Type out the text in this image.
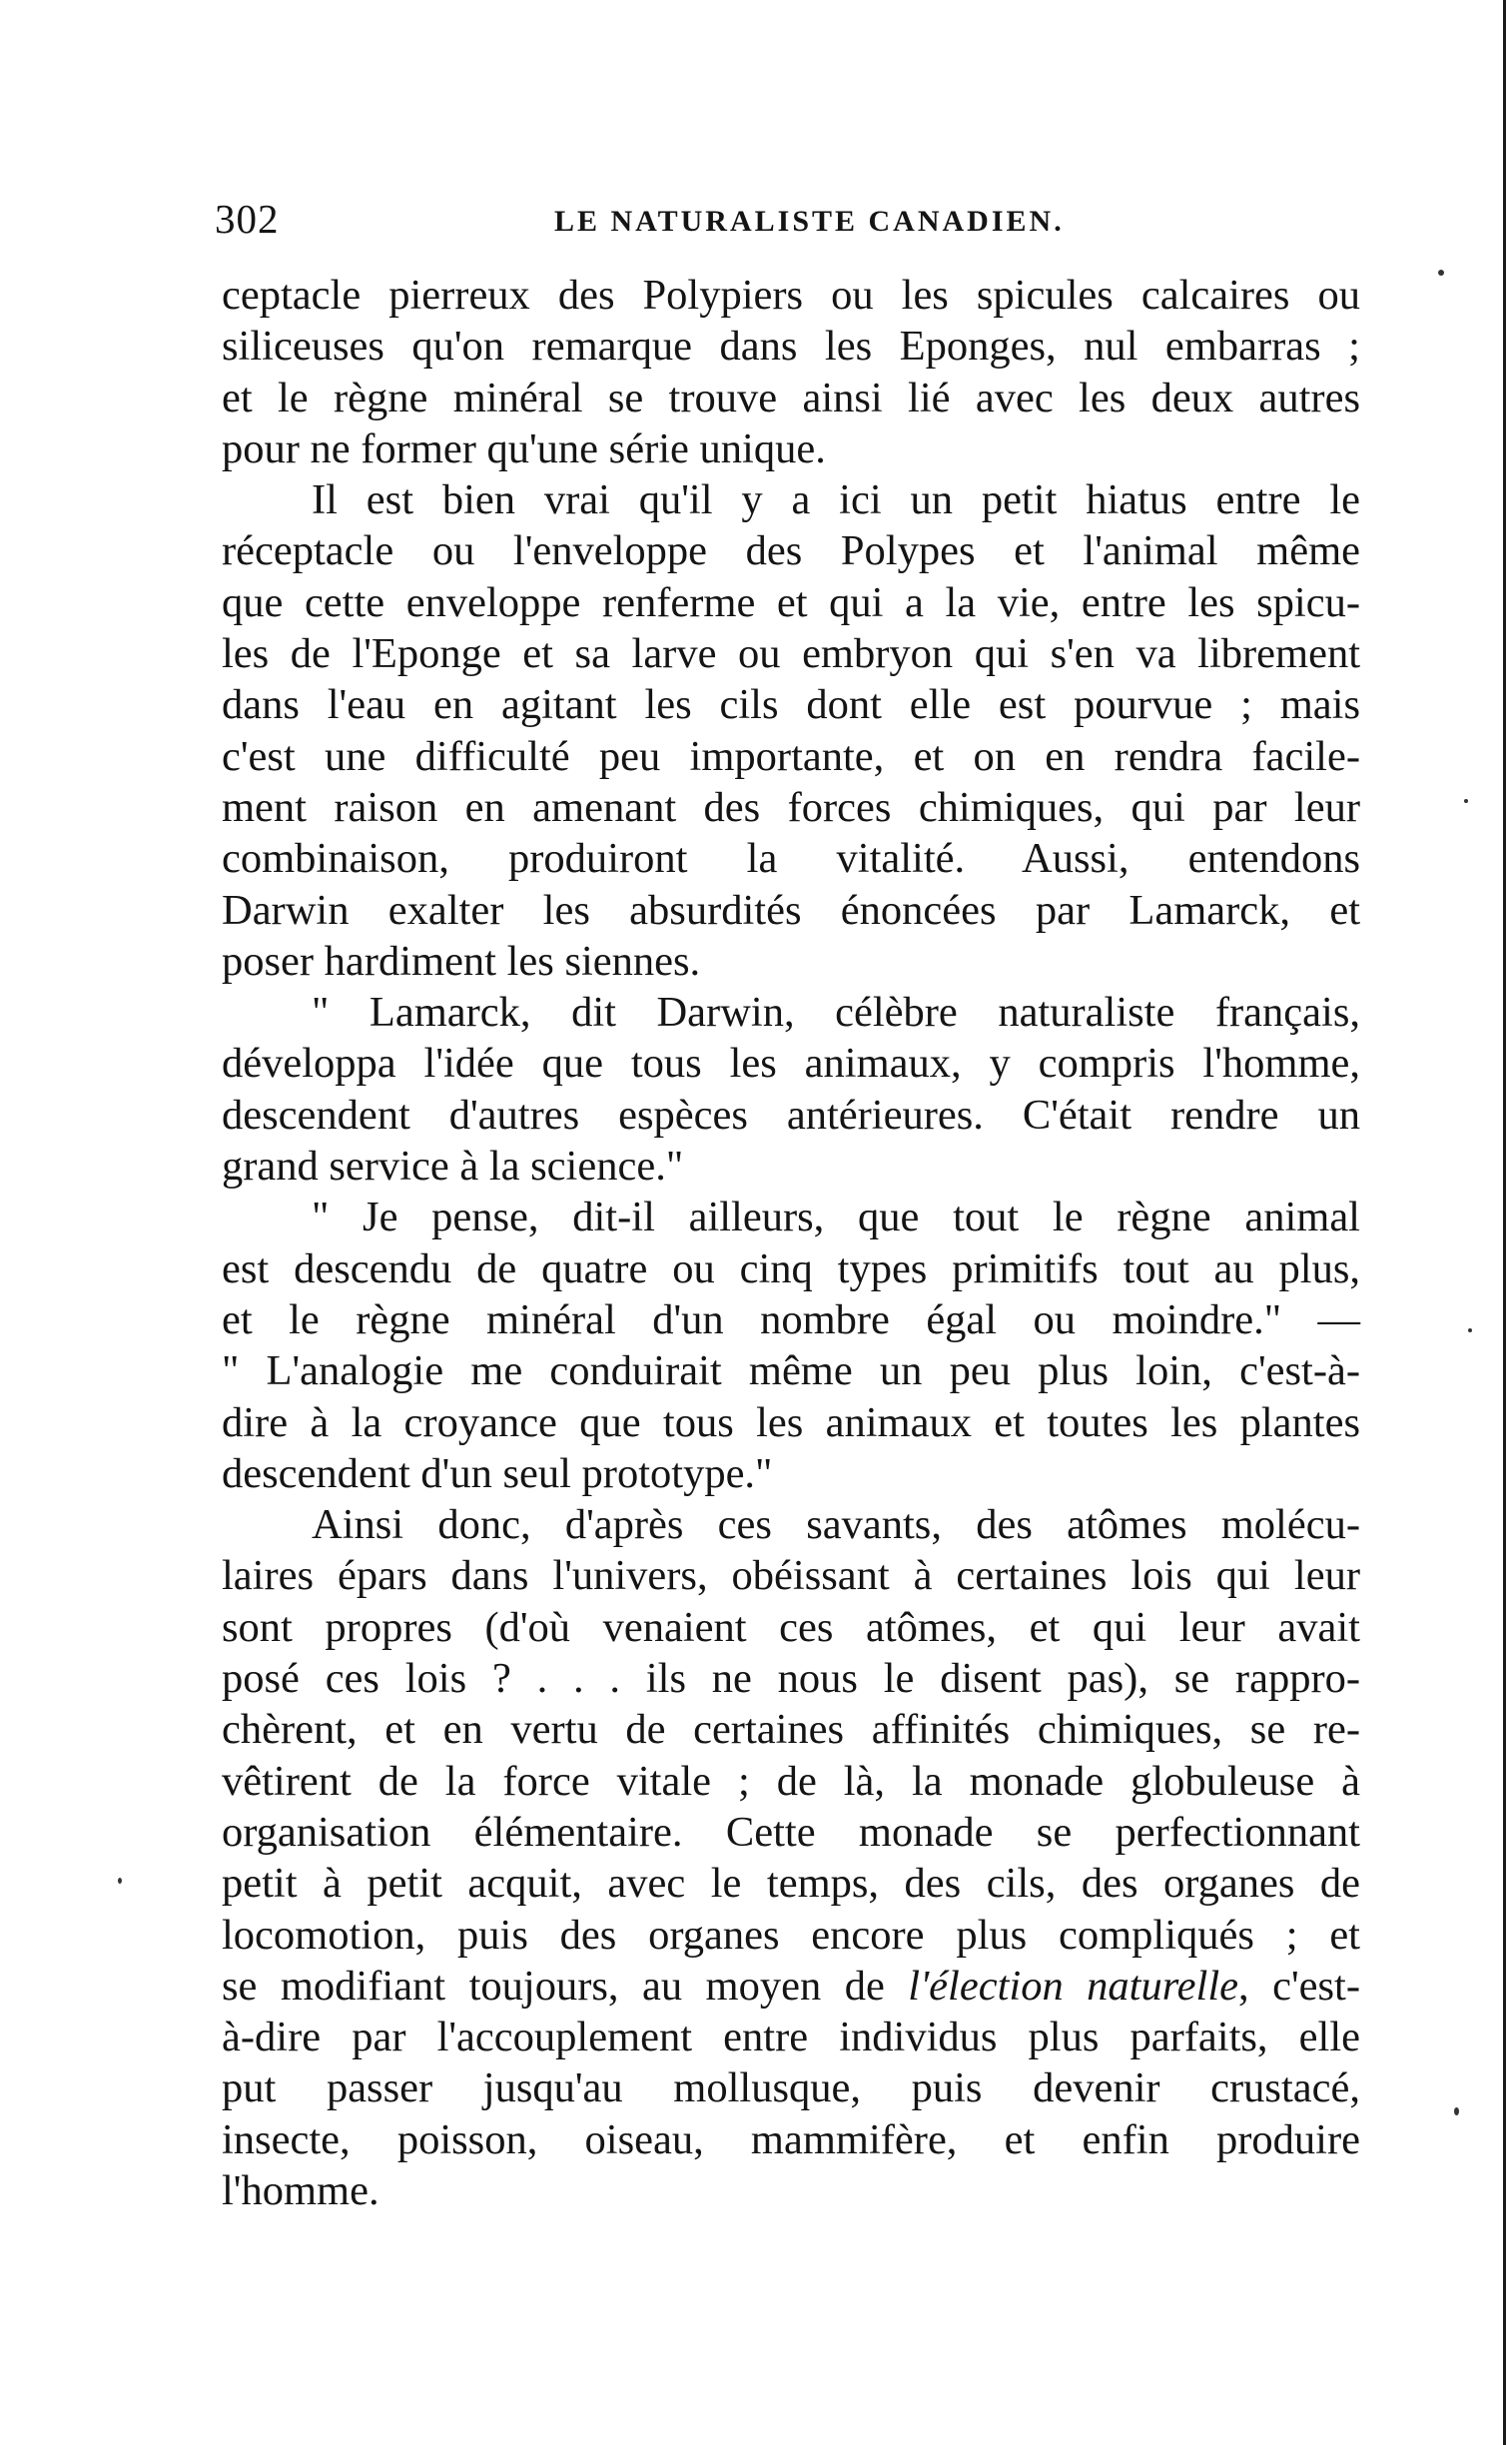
302	LE NATURALISTE CANADIEN.
ceptacle pierreux des Polypiers ou les spicules calcaires ou
siliceuses qu'on remarque dans les Eponges, nul embarras ;
et le règne minéral se trouve ainsi lié avec les deux autres
pour ne former qu'une série unique.
Il est bien vrai qu'il y a ici un petit hiatus entre le
réceptacle ou l'enveloppe des Polypes et l'animal même
que cette enveloppe renferme et qui a la vie, entre les spicu-
les de l'Eponge et sa larve ou embryon qui s'en va librement
dans l'eau en agitant les cils dont elle est pourvue ; mais
c'est une difficulté peu importante, et on en rendra facile-
ment raison en amenant des forces chimiques, qui par leur
combinaison, produiront la vitalité. Aussi, entendons
Darwin exalter les absurdités énoncées par Lamarck, et
poser hardiment les siennes.
" Lamarck, dit Darwin, célèbre naturaliste français,
développa l'idée que tous les animaux, y compris l'homme,
descendent d'autres espèces antérieures. C'était rendre un
grand service à la science."
" Je pense, dit-il ailleurs, que tout le règne animal
est descendu de quatre ou cinq types primitifs tout au plus,
et le règne minéral d'un nombre égal ou moindre." —
" L'analogie me conduirait même un peu plus loin, c'est-à-
dire à la croyance que tous les animaux et toutes les plantes
descendent d'un seul prototype."
Ainsi donc, d'après ces savants, des atômes molécu-
laires épars dans l'univers, obéissant à certaines lois qui leur
sont propres (d'où venaient ces atômes, et qui leur avait
posé ces lois ? . . . ils ne nous le disent pas), se rappro-
chèrent, et en vertu de certaines affinités chimiques, se re-
vêtirent de la force vitale ; de là, la monade globuleuse à
organisation élémentaire. Cette monade se perfectionnant
petit à petit acquit, avec le temps, des cils, des organes de
locomotion, puis des organes encore plus compliqués ; et
se modifiant toujours, au moyen de l'élection naturelle, c'est-
à-dire par l'accouplement entre individus plus parfaits, elle
put passer jusqu'au mollusque, puis devenir crustacé,
insecte, poisson, oiseau, mammifère, et enfin produire
l'homme.
